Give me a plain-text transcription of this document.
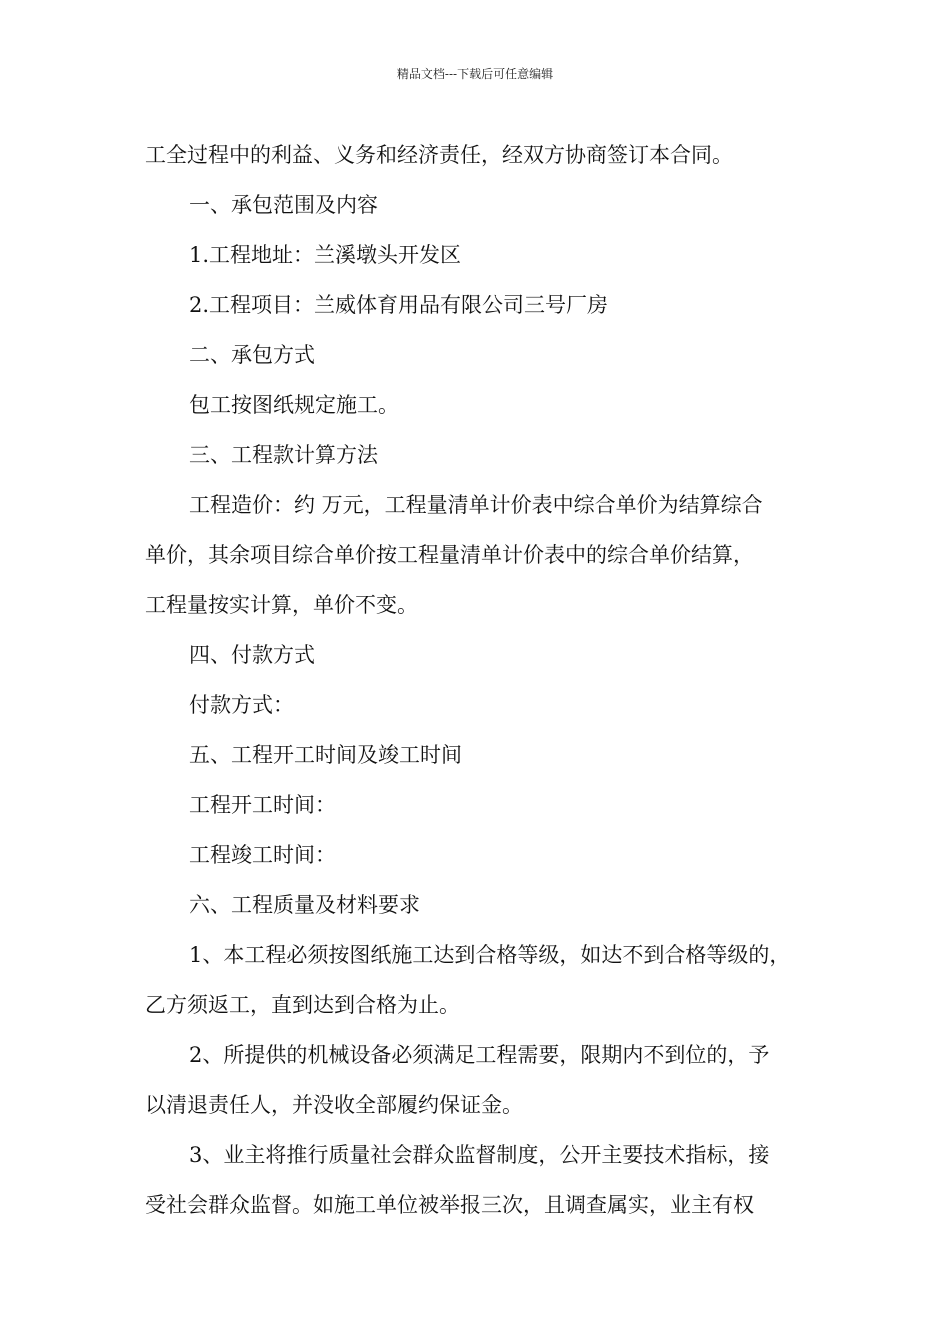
精品文档---下载后可任意编辑
工全过程中的利益、义务和经济责任，经双方协商签订本合同。
一、承包范围及内容
1.工程地址：兰溪墩头开发区
2.工程项目：兰威体育用品有限公司三号厂房
二、承包方式
包工按图纸规定施工。
三、工程款计算方法
工程造价：约 万元，工程量清单计价表中综合单价为结算综合
单价，其余项目综合单价按工程量清单计价表中的综合单价结算，
工程量按实计算，单价不变。
四、付款方式
付款方式：
五、工程开工时间及竣工时间
工程开工时间：
工程竣工时间：
六、工程质量及材料要求
1、本工程必须按图纸施工达到合格等级，如达不到合格等级的，
乙方须返工，直到达到合格为止。
2、所提供的机械设备必须满足工程需要，限期内不到位的，予
以清退责任人，并没收全部履约保证金。
3、业主将推行质量社会群众监督制度，公开主要技术指标，接
受社会群众监督。如施工单位被举报三次，且调查属实，业主有权
